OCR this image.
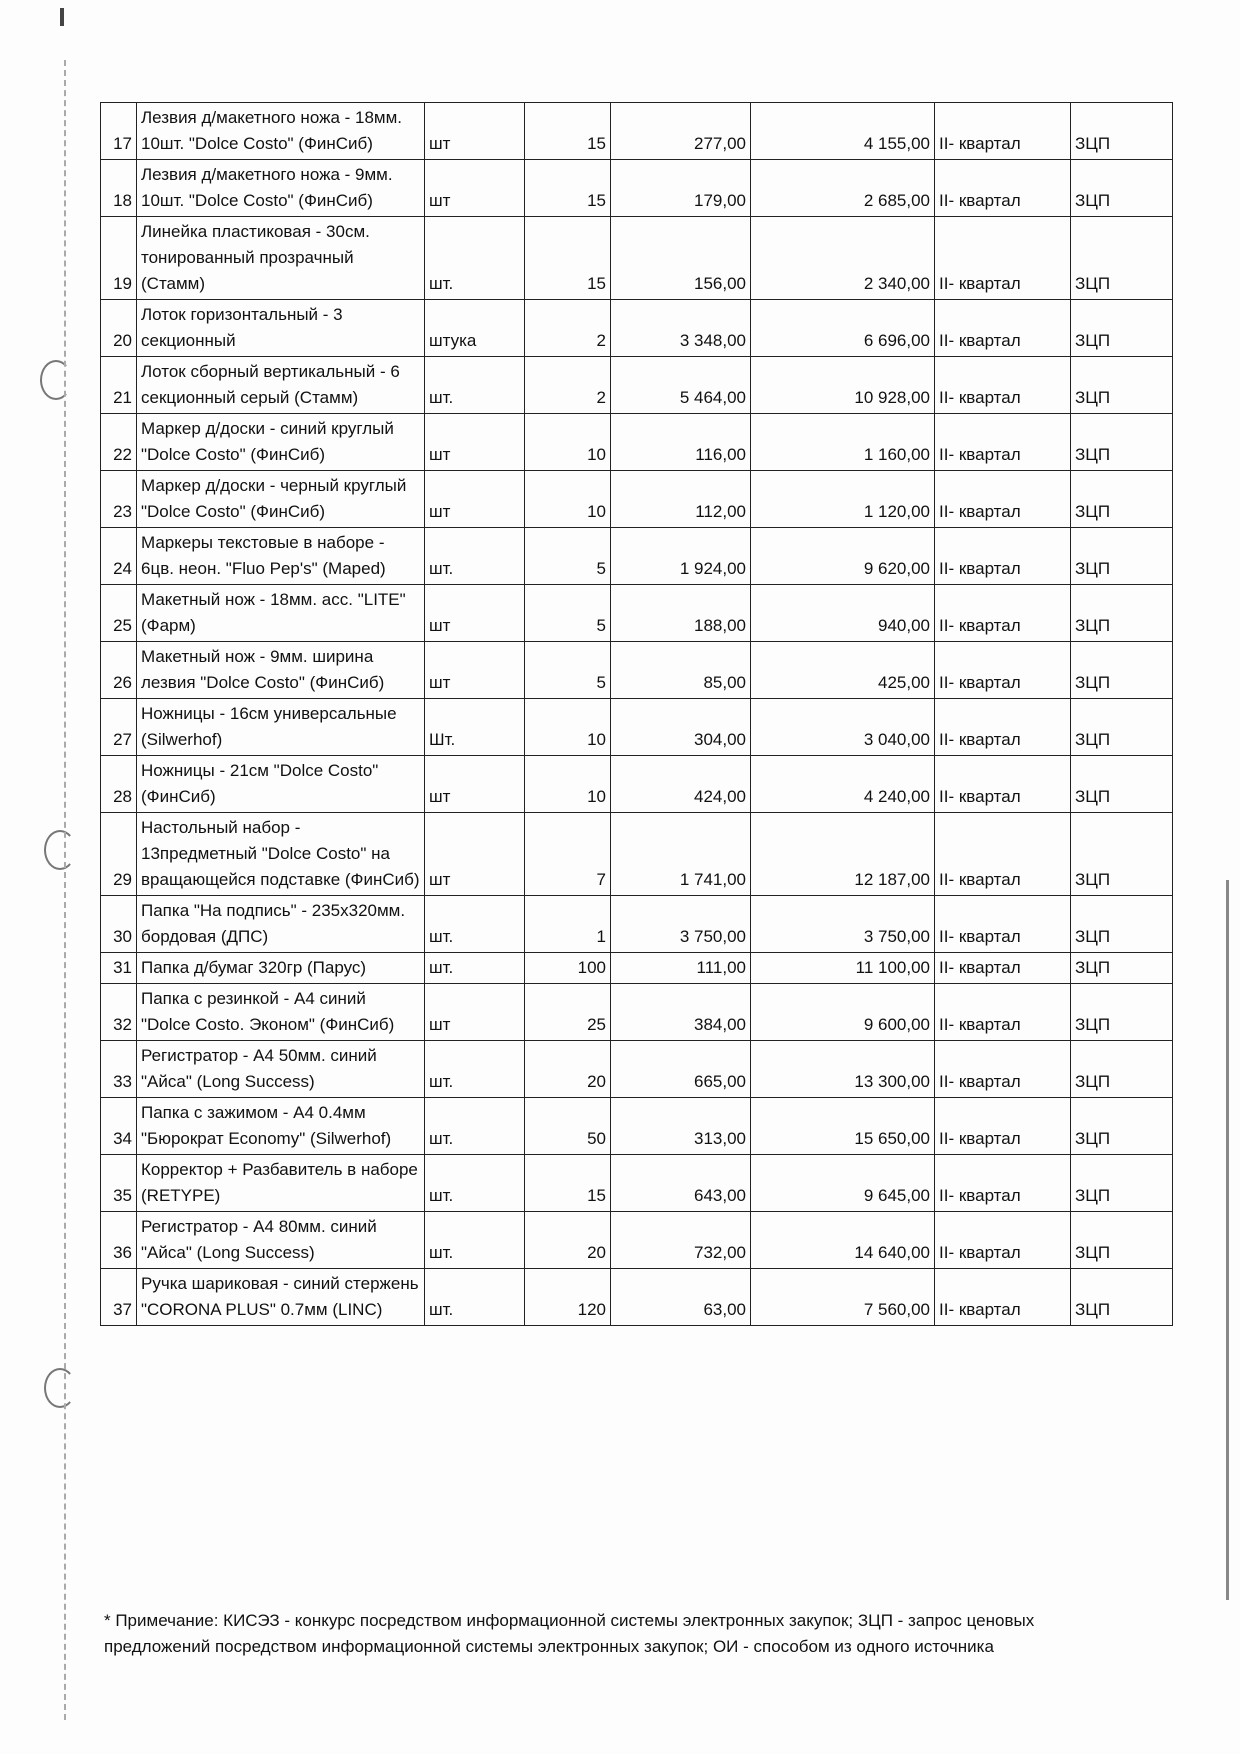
17	Лезвия д/макетного ножа - 18мм. 10шт. "Dolce Costo" (ФинСиб)	шт	15	277,00	4 155,00	II- квартал	ЗЦП
18	Лезвия д/макетного ножа - 9мм. 10шт. "Dolce Costo" (ФинСиб)	шт	15	179,00	2 685,00	II- квартал	ЗЦП
19	Линейка пластиковая - 30см. тонированный прозрачный (Стамм)	шт.	15	156,00	2 340,00	II- квартал	ЗЦП
20	Лоток горизонтальный - 3 секционный	штука	2	3 348,00	6 696,00	II- квартал	ЗЦП
21	Лоток сборный вертикальный - 6 секционный серый (Стамм)	шт.	2	5 464,00	10 928,00	II- квартал	ЗЦП
22	Маркер д/доски - синий круглый "Dolce Costo" (ФинСиб)	шт	10	116,00	1 160,00	II- квартал	ЗЦП
23	Маркер д/доски - черный круглый "Dolce Costo" (ФинСиб)	шт	10	112,00	1 120,00	II- квартал	ЗЦП
24	Маркеры текстовые в наборе - 6цв. неон. "Fluo Pep's" (Maped)	шт.	5	1 924,00	9 620,00	II- квартал	ЗЦП
25	Макетный нож - 18мм. асс. "LITE" (Фарм)	шт	5	188,00	940,00	II- квартал	ЗЦП
26	Макетный нож - 9мм. ширина лезвия "Dolce Costo" (ФинСиб)	шт	5	85,00	425,00	II- квартал	ЗЦП
27	Ножницы - 16см универсальные (Silwerhof)	Шт.	10	304,00	3 040,00	II- квартал	ЗЦП
28	Ножницы - 21см "Dolce Costo" (ФинСиб)	шт	10	424,00	4 240,00	II- квартал	ЗЦП
29	Настольный набор - 13предметный "Dolce Costo" на вращающейся подставке (ФинСиб)	шт	7	1 741,00	12 187,00	II- квартал	ЗЦП
30	Папка "На подпись" - 235х320мм. бордовая (ДПС)	шт.	1	3 750,00	3 750,00	II- квартал	ЗЦП
31	Папка д/бумаг 320гр (Парус)	шт.	100	111,00	11 100,00	II- квартал	ЗЦП
32	Папка с резинкой - А4 синий "Dolce Costo. Эконом" (ФинСиб)	шт	25	384,00	9 600,00	II- квартал	ЗЦП
33	Регистратор - А4 50мм. синий "Айса" (Long Success)	шт.	20	665,00	13 300,00	II- квартал	ЗЦП
34	Папка с зажимом - А4 0.4мм "Бюрократ Economy" (Silwerhof)	шт.	50	313,00	15 650,00	II- квартал	ЗЦП
35	Корректор + Разбавитель в наборе (RETYPE)	шт.	15	643,00	9 645,00	II- квартал	ЗЦП
36	Регистратор - А4 80мм. синий "Айса" (Long Success)	шт.	20	732,00	14 640,00	II- квартал	ЗЦП
37	Ручка шариковая - синий стержень "CORONA PLUS" 0.7мм (LINC)	шт.	120	63,00	7 560,00	II- квартал	ЗЦП
* Примечание: КИСЭЗ - конкурс посредством информационной системы электронных закупок; ЗЦП - запрос ценовых предложений посредством информационной системы электронных закупок; ОИ - способом из одного источника
